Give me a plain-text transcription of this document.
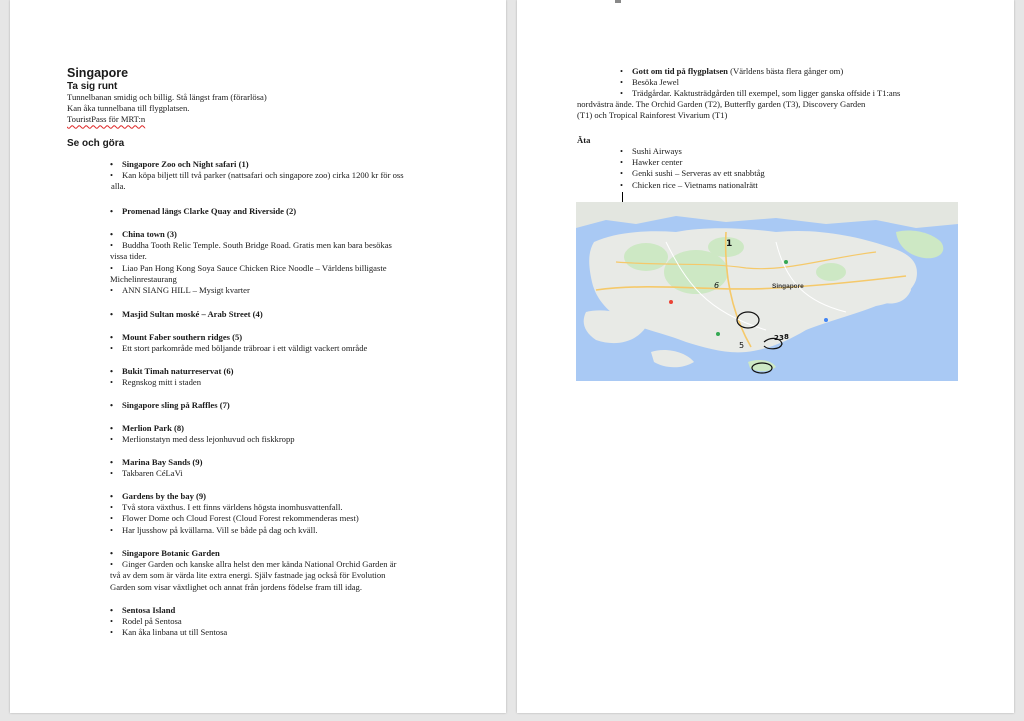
Singapore
Ta sig runt
Tunnelbanan smidig och billig. Stå längst fram (förarlösa)
Kan åka tunnelbana till flygplatsen.
TouristPass för MRT:n
Se och göra
• Singapore Zoo och Night safari (1)
• Kan köpa biljett till två parker (nattsafari och singapore zoo) cirka 1200 kr för oss
alla.
• Promenad längs Clarke Quay and Riverside (2)
• China town (3)
• Buddha Tooth Relic Temple. South Bridge Road. Gratis men kan bara besökas
vissa tider.
• Liao Pan Hong Kong Soya Sauce Chicken Rice Noodle – Världens billigaste
Michelinrestaurang
• ANN SIANG HILL – Mysigt kvarter
• Masjid Sultan moské – Arab Street (4)
• Mount Faber southern ridges (5)
• Ett stort parkområde med böljande träbroar i ett väldigt vackert område
• Bukit Timah naturreservat (6)
• Regnskog mitt i staden
• Singapore sling på Raffles (7)
• Merlion Park (8)
• Merlionstatyn med dess lejonhuvud och fiskkropp
• Marina Bay Sands (9)
• Takbaren CéLaVi
• Gardens by the bay (9)
• Två stora växthus. I ett finns världens högsta inomhusvattenfall.
• Flower Dome och Cloud Forest (Cloud Forest rekommenderas mest)
• Har ljusshow på kvällarna. Vill se både på dag och kväll.
• Singapore Botanic Garden
• Ginger Garden och kanske allra helst den mer kända National Orchid Garden är
två av dem som är värda lite extra energi. Själv fastnade jag också för Evolution
Garden som visar växtlighet och annat från jordens födelse fram till idag.
• Sentosa Island
• Rodel på Sentosa
• Kan åka linbana ut till Sentosa
• Gott om tid på flygplatsen (Världens bästa flera gånger om)
• Besöka Jewel
• Trädgårdar. Kaktusträdgården till exempel, som ligger ganska offside i T1:ans
nordvästra ände. The Orchid Garden (T2), Butterfly garden (T3), Discovery Garden
(T1) och Tropical Rainforest Vivarium (T1)
Äta
• Sushi Airways
• Hawker center
• Genki sushi – Serveras av ett snabbtåg
• Chicken rice – Vietnams nationalrätt
Singapore
1
6
2 3 8
5
